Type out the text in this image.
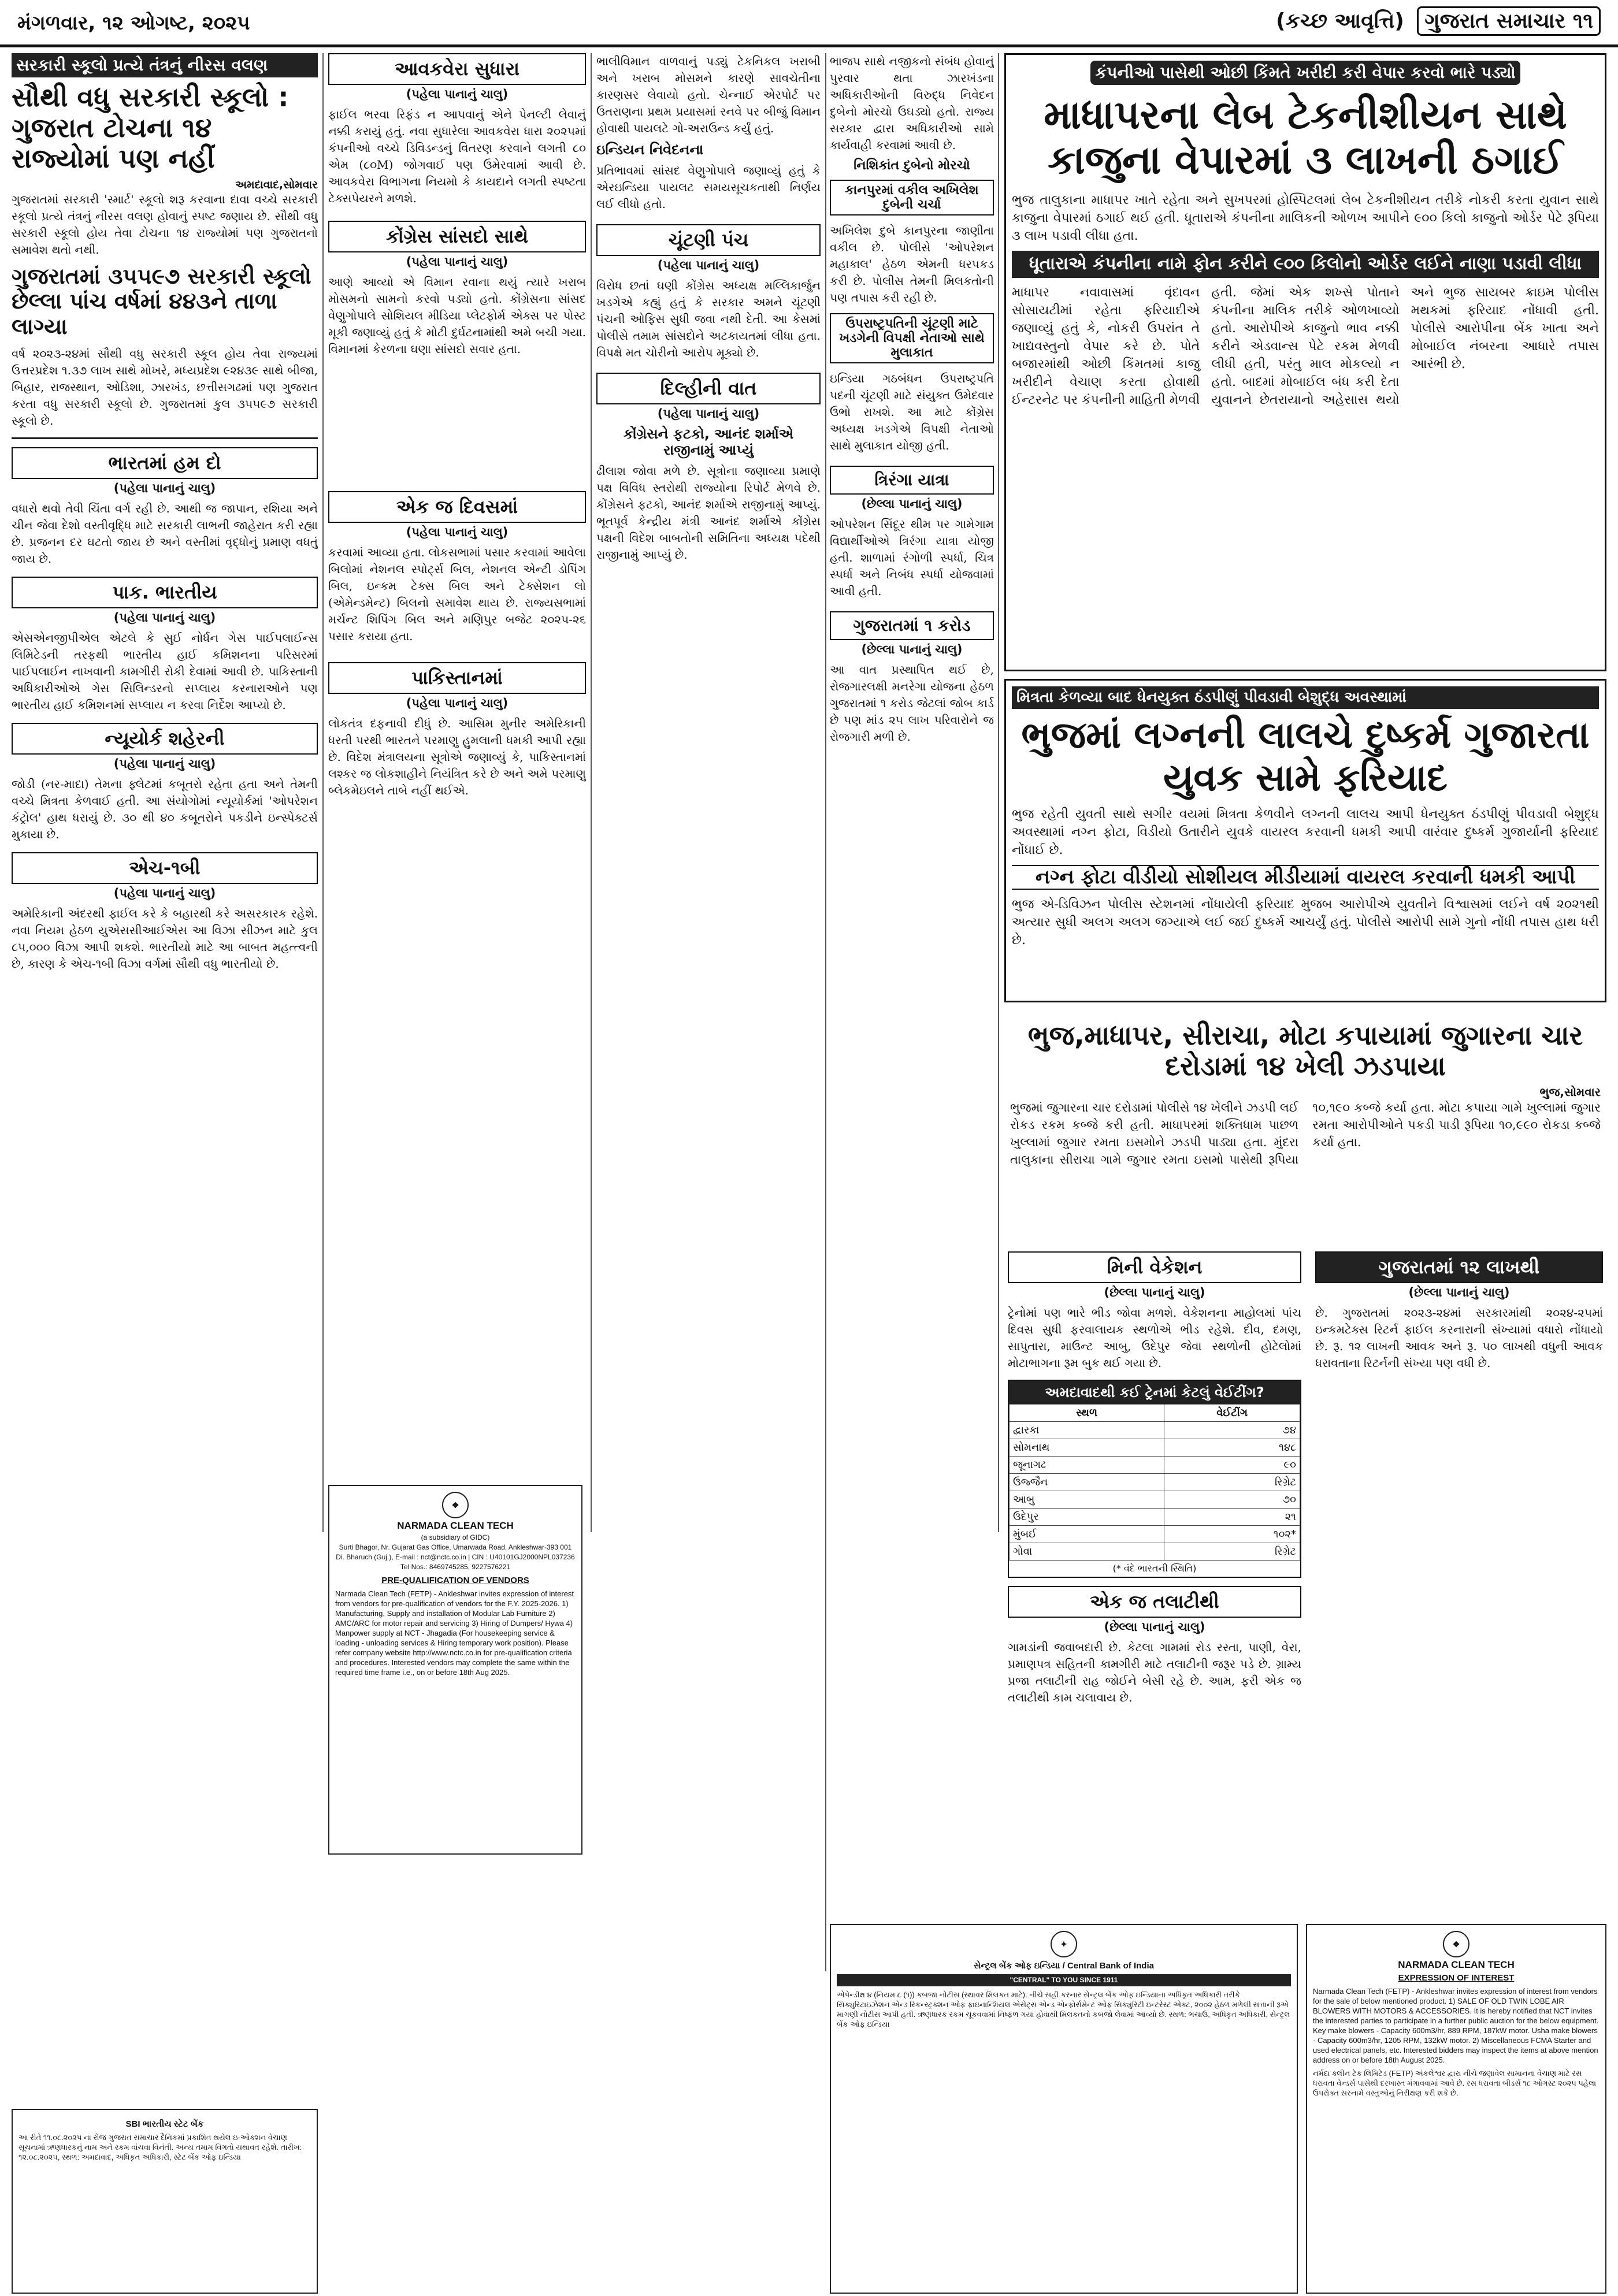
મંગળવાર, ૧૨ ઓગષ્ટ, ૨૦૨૫	(કચ્છ આવૃત્તિ) ગુજરાત સમાચાર ૧૧
સરકારી સ્કૂલો પ્રત્યે તંત્રનું નીરસ વલણ
સૌથી વધુ સરકારી સ્કૂલો : ગુજરાત ટોચના ૧૪ રાજ્યોમાં પણ નહીં
અમદાવાદ,સોમવાર
ગુજરાતમાં સરકારી 'સ્માર્ટ' સ્કૂલો શરૂ કરવાના દાવા વચ્ચે સરકારી સ્કૂલો પ્રત્યે તંત્રનું નીરસ વલણ હોવાનું સ્પષ્ટ જણાય છે. સૌથી વધુ સરકારી સ્કૂલો હોય તેવા ટોચના ૧૪ રાજ્યોમાં પણ ગુજરાતનો સમાવેશ થતો નથી.
ગુજરાતમાં ૩૫૫૯૭ સરકારી સ્કૂલો છેલ્લા પાંચ વર્ષમાં ૪૪૩ને તાળા લાગ્યા
વર્ષ ૨૦૨૩-૨૪માં સૌથી વધુ સરકારી સ્કૂલ હોય તેવા રાજ્યમાં ઉત્તરપ્રદેશ ૧.૩૭ લાખ સાથે મોખરે, મધ્યપ્રદેશ ૯૨૪૩૯ સાથે બીજા, બિહાર, રાજસ્થાન, ઓડિશા, ઝારખંડ, છત્તીસગઢમાં પણ ગુજરાત કરતા વધુ સરકારી સ્કૂલો છે. ગુજરાતમાં કુલ ૩૫૫૯૭ સરકારી સ્કૂલો છે.
ભારતમાં હમ દો
(પહેલા પાનાનું ચાલુ)
વધારો થવો તેવી ચિંતા વર્ગ રહી છે. આથી જ જાપાન, રશિયા અને ચીન જેવા દેશો વસ્તીવૃદ્ધિ માટે સરકારી લાભની જાહેરાત કરી રહ્યા છે. પ્રજનન દર ઘટતો જાય છે અને વસ્તીમાં વૃદ્ધોનું પ્રમાણ વધતું જાય છે.
પાક. ભારતીય
(પહેલા પાનાનું ચાલુ)
એસએનજીપીએલ એટલે કે સુઈ નોર્ધન ગેસ પાઈપલાઈન્સ લિમિટેડની તરફથી ભારતીય હાઈ કમિશનના પરિસરમાં પાઈપલાઈન નાખવાની કામગીરી રોકી દેવામાં આવી છે. પાકિસ્તાની અધિકારીઓએ ગેસ સિલિન્ડરનો સપ્લાય કરનારાઓને પણ ભારતીય હાઈ કમિશનમાં સપ્લાય ન કરવા નિર્દેશ આપ્યો છે.
ન્યૂયોર્ક શહેરની
(પહેલા પાનાનું ચાલુ)
જોડી (નર-માદા) તેમના ફ્લેટમાં કબૂતરો રહેતા હતા અને તેમની વચ્ચે મિત્રતા કેળવાઈ હતી. આ સંયોગોમાં ન્યૂયોર્કમાં 'ઓપરેશન કંટ્રોલ' હાથ ધરાયું છે. ૩૦ થી ૪૦ કબૂતરોને પકડીને ઇન્સ્પેક્ટર્સ મુકાયા છે.
એચ-૧બી
(પહેલા પાનાનું ચાલુ)
અમેરિકાની અંદરથી ફાઈલ કરે કે બહારથી કરે અસરકારક રહેશે. નવા નિયમ હેઠળ યુએસસીઆઈએસ આ વિઝા સીઝન માટે કુલ ૮૫,૦૦૦ વિઝા આપી શકશે. ભારતીયો માટે આ બાબત મહત્ત્વની છે, કારણ કે એચ-૧બી વિઝા વર્ગમાં સૌથી વધુ ભારતીયો છે.
એક જ દિવસમાં
(પહેલા પાનાનું ચાલુ)
કરવામાં આવ્યા હતા. લોકસભામાં પસાર કરવામાં આવેલા બિલોમાં નેશનલ સ્પોર્ટ્સ બિલ, નેશનલ એન્ટી ડોપિંગ બિલ, ઇન્કમ ટેક્સ બિલ અને ટેક્સેશન લો (એમેન્ડમેન્ટ) બિલનો સમાવેશ થાય છે. રાજ્યસભામાં મર્ચન્ટ શિપિંગ બિલ અને મણિપુર બજેટ ૨૦૨૫-૨૬ પસાર કરાયા હતા.
પાકિસ્તાનમાં
(પહેલા પાનાનું ચાલુ)
લોકતંત્ર દફનાવી દીધું છે. આસિમ મુનીર અમેરિકાની ધરતી પરથી ભારતને પરમાણુ હુમલાની ધમકી આપી રહ્યા છે. વિદેશ મંત્રાલયના સૂત્રોએ જણાવ્યું કે, પાકિસ્તાનમાં લશ્કર જ લોકશાહીને નિયંત્રિત કરે છે અને અમે પરમાણુ બ્લેકમેઇલને તાબે નહીં થઈએ.
આવકવેરા સુધારા
(પહેલા પાનાનું ચાલુ)
ફાઈલ ભરવા રિફંડ ન આપવાનું એને પેનલ્ટી લેવાનું નક્કી કરાયું હતું. નવા સુધારેલા આવકવેરા ધારા ૨૦૨૫માં કંપનીઓ વચ્ચે ડિવિડન્ડનું વિતરણ કરવાને લગતી ૮૦ એમ (૮૦M) જોગવાઈ પણ ઉમેરવામાં આવી છે. આવકવેરા વિભાગના નિયમો કે કાયદાને લગતી સ્પષ્ટતા ટેક્સપેયરને મળશે.
કોંગ્રેસ સાંસદો સાથે
(પહેલા પાનાનું ચાલુ)
આણે આવ્યો એ વિમાન રવાના થયું ત્યારે ખરાબ મોસમનો સામનો કરવો પડ્યો હતો. કોંગ્રેસના સાંસદ વેણુગોપાલે સોશિયલ મીડિયા પ્લેટફોર્મ એક્સ પર પોસ્ટ મૂકી જણાવ્યું હતું કે મોટી દુર્ઘટનામાંથી અમે બચી ગયા. વિમાનમાં કેરળના ઘણા સાંસદો સવાર હતા.
ભાલીવિમાન વાળવાનું પડ્યું ટેકનિકલ ખરાબી અને ખરાબ મોસમને કારણે સાવચેતીના કારણસર લેવાયો હતો. ચેન્નાઈ એરપોર્ટ પર ઉતરાણના પ્રથમ પ્રયાસમાં રનવે પર બીજું વિમાન હોવાથી પાયલટે ગો-અરાઉન્ડ કર્યું હતું.
ઇન્ડિયન નિવેદનના
પ્રતિભાવમાં સાંસદ વેણુગોપાલે જણાવ્યું હતું કે એરઇન્ડિયા પાયલટ સમયસૂચકતાથી નિર્ણય લઈ લીધો હતો.
ચૂંટણી પંચ
(પહેલા પાનાનું ચાલુ)
વિરોધ છતાં ઘણી કોંગ્રેસ અધ્યક્ષ મલ્લિકાર્જુન ખડગેએ કહ્યું હતું કે સરકાર અમને ચૂંટણી પંચની ઓફિસ સુધી જવા નથી દેતી. આ કેસમાં પોલીસે તમામ સાંસદોને અટકાયતમાં લીધા હતા. વિપક્ષે મત ચોરીનો આરોપ મૂક્યો છે.
દિલ્હીની વાત
(પહેલા પાનાનું ચાલુ)
કોંગ્રેસને ફટકો, આનંદ શર્માએ રાજીનામું આપ્યું
ઢીલાશ જોવા મળે છે. સૂત્રોના જણાવ્યા પ્રમાણે પક્ષ વિવિધ સ્તરોથી રાજ્યોના રિપોર્ટ મેળવે છે. કોંગ્રેસને ફટકો, આનંદ શર્માએ રાજીનામું આપ્યું. ભૂતપૂર્વ કેન્દ્રીય મંત્રી આનંદ શર્માએ કોંગ્રેસ પક્ષની વિદેશ બાબતોની સમિતિના અધ્યક્ષ પદેથી રાજીનામું આપ્યું છે.
ભાજપ સાથે નજીકનો સંબંધ હોવાનું પુરવાર થતા ઝારખંડના અધિકારીઓની વિરુદ્ધ નિવેદન દુબેનો મોરચો ઉઘડ્યો હતો. રાજ્ય સરકાર દ્વારા અધિકારીઓ સામે કાર્યવાહી કરવામાં આવી છે.
નિશિકાંત દુબેનો મોરચો
કાનપુરમાં વકીલ અખિલેશ દુબેની ચર્ચા
અખિલેશ દુબે કાનપુરના જાણીતા વકીલ છે. પોલીસે 'ઓપરેશન મહાકાલ' હેઠળ એમની ધરપકડ કરી છે. પોલીસ તેમની મિલકતોની પણ તપાસ કરી રહી છે.
ઉપરાષ્ટ્રપતિની ચૂંટણી માટે ખડગેની વિપક્ષી નેતાઓ સાથે મુલાકાત
ઇન્ડિયા ગઠબંધન ઉપરાષ્ટ્રપતિ પદની ચૂંટણી માટે સંયુક્ત ઉમેદવાર ઉભો રાખશે. આ માટે કોંગ્રેસ અધ્યક્ષ ખડગેએ વિપક્ષી નેતાઓ સાથે મુલાકાત યોજી હતી.
ત્રિરંગા યાત્રા
(છેલ્લા પાનાનું ચાલુ)
ઓપરેશન સિંદૂર થીમ પર ગામેગામ વિદ્યાર્થીઓએ ત્રિરંગા યાત્રા યોજી હતી. શાળામાં રંગોળી સ્પર્ધા, ચિત્ર સ્પર્ધા અને નિબંધ સ્પર્ધા યોજવામાં આવી હતી.
ગુજરાતમાં ૧ કરોડ
(છેલ્લા પાનાનું ચાલુ)
આ વાત પ્રસ્થાપિત થઈ છે, રોજગારલક્ષી મનરેગા યોજના હેઠળ ગુજરાતમાં ૧ કરોડ જેટલાં જોબ કાર્ડ છે પણ માંડ ૨૫ લાખ પરિવારોને જ રોજગારી મળી છે.
કંપનીઓ પાસેથી ઓછી કિંમતે ખરીદી કરી વેપાર કરવો ભારે પડ્યો
માધાપરના લેબ ટેકનીશીયન સાથે કાજુના વેપારમાં ૩ લાખની ઠગાઈ
ભુજ તાલુકાના માધાપર ખાતે રહેતા અને સુખપરમાં હોસ્પિટલમાં લેબ ટેકનીશીયન તરીકે નોકરી કરતા યુવાન સાથે કાજુના વેપારમાં ઠગાઈ થઈ હતી. ધૂતારાએ કંપનીના માલિકની ઓળખ આપીને ૯૦૦ કિલો કાજુનો ઓર્ડર પેટે રૂપિયા ૩ લાખ પડાવી લીધા હતા.
ધૂતારાએ કંપનીના નામે ફોન કરીને ૯૦૦ કિલોનો ઓર્ડર લઈને નાણા પડાવી લીધા
માધાપર નવાવાસમાં વૃંદાવન સોસાયટીમાં રહેતા ફરિયાદીએ જણાવ્યું હતું કે, નોકરી ઉપરાંત તે ખાદ્યવસ્તુનો વેપાર કરે છે. પોતે બજારમાંથી ઓછી કિંમતમાં કાજુ ખરીદીને વેચાણ કરતા હોવાથી ઈન્ટરનેટ પર કંપનીની માહિતી મેળવી હતી. જેમાં એક શખ્સે પોતાને કંપનીના માલિક તરીકે ઓળખાવ્યો હતો. આરોપીએ કાજુનો ભાવ નક્કી કરીને એડવાન્સ પેટે રકમ મેળવી લીધી હતી, પરંતુ માલ મોકલ્યો ન હતો. બાદમાં મોબાઈલ બંધ કરી દેતા યુવાનને છેતરાયાનો અહેસાસ થયો અને ભુજ સાયબર ક્રાઇમ પોલીસ મથકમાં ફરિયાદ નોંધાવી હતી. પોલીસે આરોપીના બેંક ખાતા અને મોબાઈલ નંબરના આધારે તપાસ આરંભી છે.
મિત્રતા કેળવ્યા બાદ ધેનયુક્ત ઠંડપીણું પીવડાવી બેશુદ્ધ અવસ્થામાં
ભુજમાં લગ્નની લાલચે દુષ્કર્મ ગુજારતા યુવક સામે ફરિયાદ
ભુજ રહેતી યુવતી સાથે સગીર વયમાં મિત્રતા કેળવીને લગ્નની લાલચ આપી ધેનયુક્ત ઠંડપીણું પીવડાવી બેશુદ્ધ અવસ્થામાં નગ્ન ફોટા, વિડીયો ઉતારીને યુવકે વાયરલ કરવાની ધમકી આપી વારંવાર દુષ્કર્મ ગુજાર્યાની ફરિયાદ નોંધાઈ છે.
નગ્ન ફોટા વીડીયો સોશીયલ મીડીયામાં વાયરલ કરવાની ધમકી આપી
ભુજ એ-ડિવિઝન પોલીસ સ્ટેશનમાં નોંધાયેલી ફરિયાદ મુજબ આરોપીએ યુવતીને વિશ્વાસમાં લઈને વર્ષ ૨૦૨૧થી અત્યાર સુધી અલગ અલગ જગ્યાએ લઈ જઈ દુષ્કર્મ આચર્યું હતું. પોલીસે આરોપી સામે ગુનો નોંધી તપાસ હાથ ધરી છે.
ભુજ,માધાપર, સીરાચા, મોટા કપાયામાં જુગારના ચાર દરોડામાં ૧૪ ખેલી ઝડપાયા
ભુજ,સોમવાર
ભુજમાં જુગારના ચાર દરોડામાં પોલીસે ૧૪ ખેલીને ઝડપી લઈ રોકડ રકમ કબ્જે કરી હતી. માધાપરમાં શક્તિધામ પાછળ ખુલ્લામાં જુગાર રમતા ઇસમોને ઝડપી પાડ્યા હતા. મુંદરા તાલુકાના સીરાચા ગામે જુગાર રમતા ઇસમો પાસેથી રૂપિયા ૧૦,૧૯૦ કબ્જે કર્યા હતા. મોટા કપાયા ગામે ખુલ્લામાં જુગાર રમતા આરોપીઓને પકડી પાડી રૂપિયા ૧૦,૯૯૦ રોકડા કબ્જે કર્યા હતા.
મિની વેકેશન
(છેલ્લા પાનાનું ચાલુ)
ટ્રેનોમાં પણ ભારે ભીડ જોવા મળશે. વેકેશનના માહોલમાં પાંચ દિવસ સુધી ફરવાલાયક સ્થળોએ ભીડ રહેશે. દીવ, દમણ, સાપુતારા, માઉન્ટ આબુ, ઉદેપુર જેવા સ્થળોની હોટેલોમાં મોટાભાગના રૂમ બુક થઈ ગયા છે.
અમદાવાદથી કઈ ટ્રેનમાં કેટલું વેઈટીંગ?
સ્થળ	વેઈટીંગ
દ્વારકા	૭૪
સોમનાથ	૧૪૮
જૂનાગઢ	૯૦
ઉજ્જૈન	રિગ્રેટ
આબુ	૭૦
ઉદેપુર	૨૧
મુંબઈ	૧૦૨*
ગોવા	રિગ્રેટ
(* વંદે ભારતની સ્થિતિ)
એક જ તલાટીથી
(છેલ્લા પાનાનું ચાલુ)
ગામડાંની જવાબદારી છે. કેટલા ગામમાં રોડ રસ્તા, પાણી, વેરા, પ્રમાણપત્ર સહિતની કામગીરી માટે તલાટીની જરૂર પડે છે. ગ્રામ્ય પ્રજા તલાટીની રાહ જોઈને બેસી રહે છે. આમ, ફરી એક જ તલાટીથી કામ ચલાવાય છે.
ગુજરાતમાં ૧૨ લાખથી
(છેલ્લા પાનાનું ચાલુ)
છે. ગુજરાતમાં ૨૦૨૩-૨૪માં સરકારમાંથી ૨૦૨૪-૨૫માં ઇન્કમટેક્સ રિટર્ન ફાઈલ કરનારાની સંખ્યામાં વધારો નોંધાયો છે. રૂ. ૧૨ લાખની આવક અને રૂ. ૫૦ લાખથી વધુની આવક ધરાવતાના રિટર્નની સંખ્યા પણ વધી છે.
❖
NARMADA CLEAN TECH
(a subsidiary of GIDC)
Surti Bhagor, Nr. Gujarat Gas Office, Umarwada Road, Ankleshwar-393 001 Di. Bharuch (Guj.), E-mail : nct@nctc.co.in | CIN : U40101GJ2000NPL037236
Tel Nos.: 8469745285, 9227576221
PRE-QUALIFICATION OF VENDORS
Narmada Clean Tech (FETP) - Ankleshwar invites expression of interest from vendors for pre-qualification of vendors for the F.Y. 2025-2026. 1) Manufacturing, Supply and installation of Modular Lab Furniture 2) AMC/ARC for motor repair and servicing 3) Hiring of Dumpers/ Hywa 4) Manpower supply at NCT - Jhagadia (For housekeeping service & loading - unloading services & Hiring temporary work position). Please refer company website http://www.nctc.co.in for pre-qualification criteria and procedures. Interested vendors may complete the same within the required time frame i.e., on or before 18th Aug 2025.
SBI ભારતીય સ્ટેટ બેંક
આ રીતે ૧૧.૦૮.૨૦૨૫ ના રોજ ગુજરાત સમાચાર દૈનિકમાં પ્રકાશિત થયેલ ઇ-ઓક્શન વેચાણ સૂચનામાં ઋણધારકનું નામ અને રકમ વાંચવા વિનંતી. અન્ય તમામ વિગતો યથાવત રહેશે. તારીખ: ૧૨.૦૮.૨૦૨૫, સ્થળ: અમદાવાદ, અધિકૃત અધિકારી, સ્ટેટ બેંક ઓફ ઇન્ડિયા
✦
સેન્ટ્રલ બેંક ઓફ ઇન્ડિયા / Central Bank of India
"CENTRAL" TO YOU SINCE 1911
એપેન્ડીક્ષ ૪ (નિયમ ૮ (૧)) કબજા નોટીસ (સ્થાવર મિલકત માટે). નીચે સહી કરનાર સેન્ટ્રલ બેંક ઓફ ઇન્ડિયાના અધિકૃત અધિકારી તરીકે સિક્યુરિટાઇઝેશન એન્ડ રિકન્સ્ટ્રક્શન ઓફ ફાઇનાન્શિયલ એસેટ્સ એન્ડ એન્ફોર્સમેન્ટ ઓફ સિક્યુરિટી ઇન્ટરેસ્ટ એક્ટ, ૨૦૦૨ હેઠળ મળેલી સત્તાની રૂએ માગણી નોટીસ આપી હતી. ઋણધારક રકમ ચૂકવવામાં નિષ્ફળ ગયા હોવાથી મિલકતનો કબજો લેવામાં આવ્યો છે. સ્થળ: ભચાઉ, અધિકૃત અધિકારી, સેન્ટ્રલ બેંક ઓફ ઇન્ડિયા
❖
NARMADA CLEAN TECH
EXPRESSION OF INTEREST
Narmada Clean Tech (FETP) - Ankleshwar invites expression of interest from vendors for the sale of below mentioned product. 1) SALE OF OLD TWIN LOBE AIR BLOWERS WITH MOTORS & ACCESSORIES. It is hereby notified that NCT invites the interested parties to participate in a further public auction for the below equipment. Key make blowers - Capacity 600m3/hr, 889 RPM, 187kW motor. Usha make blowers - Capacity 600m3/hr, 1205 RPM, 132kW motor. 2) Miscellaneous FCMA Starter and used electrical panels, etc. Interested bidders may inspect the items at above mention address on or before 18th August 2025.
નર્મદા ક્લીન ટેક લિમિટેડ (FETP) અંકલેશ્વર દ્વારા નીચે જણાવેલ સામાનના વેચાણ માટે રસ ધરાવતા વેન્ડર્સ પાસેથી દરખાસ્ત મંગાવવામાં આવે છે. રસ ધરાવતા બીડર્સ ૧૮ ઓગસ્ટ ૨૦૨૫ પહેલા ઉપરોક્ત સરનામે વસ્તુઓનું નિરીક્ષણ કરી શકે છે.
